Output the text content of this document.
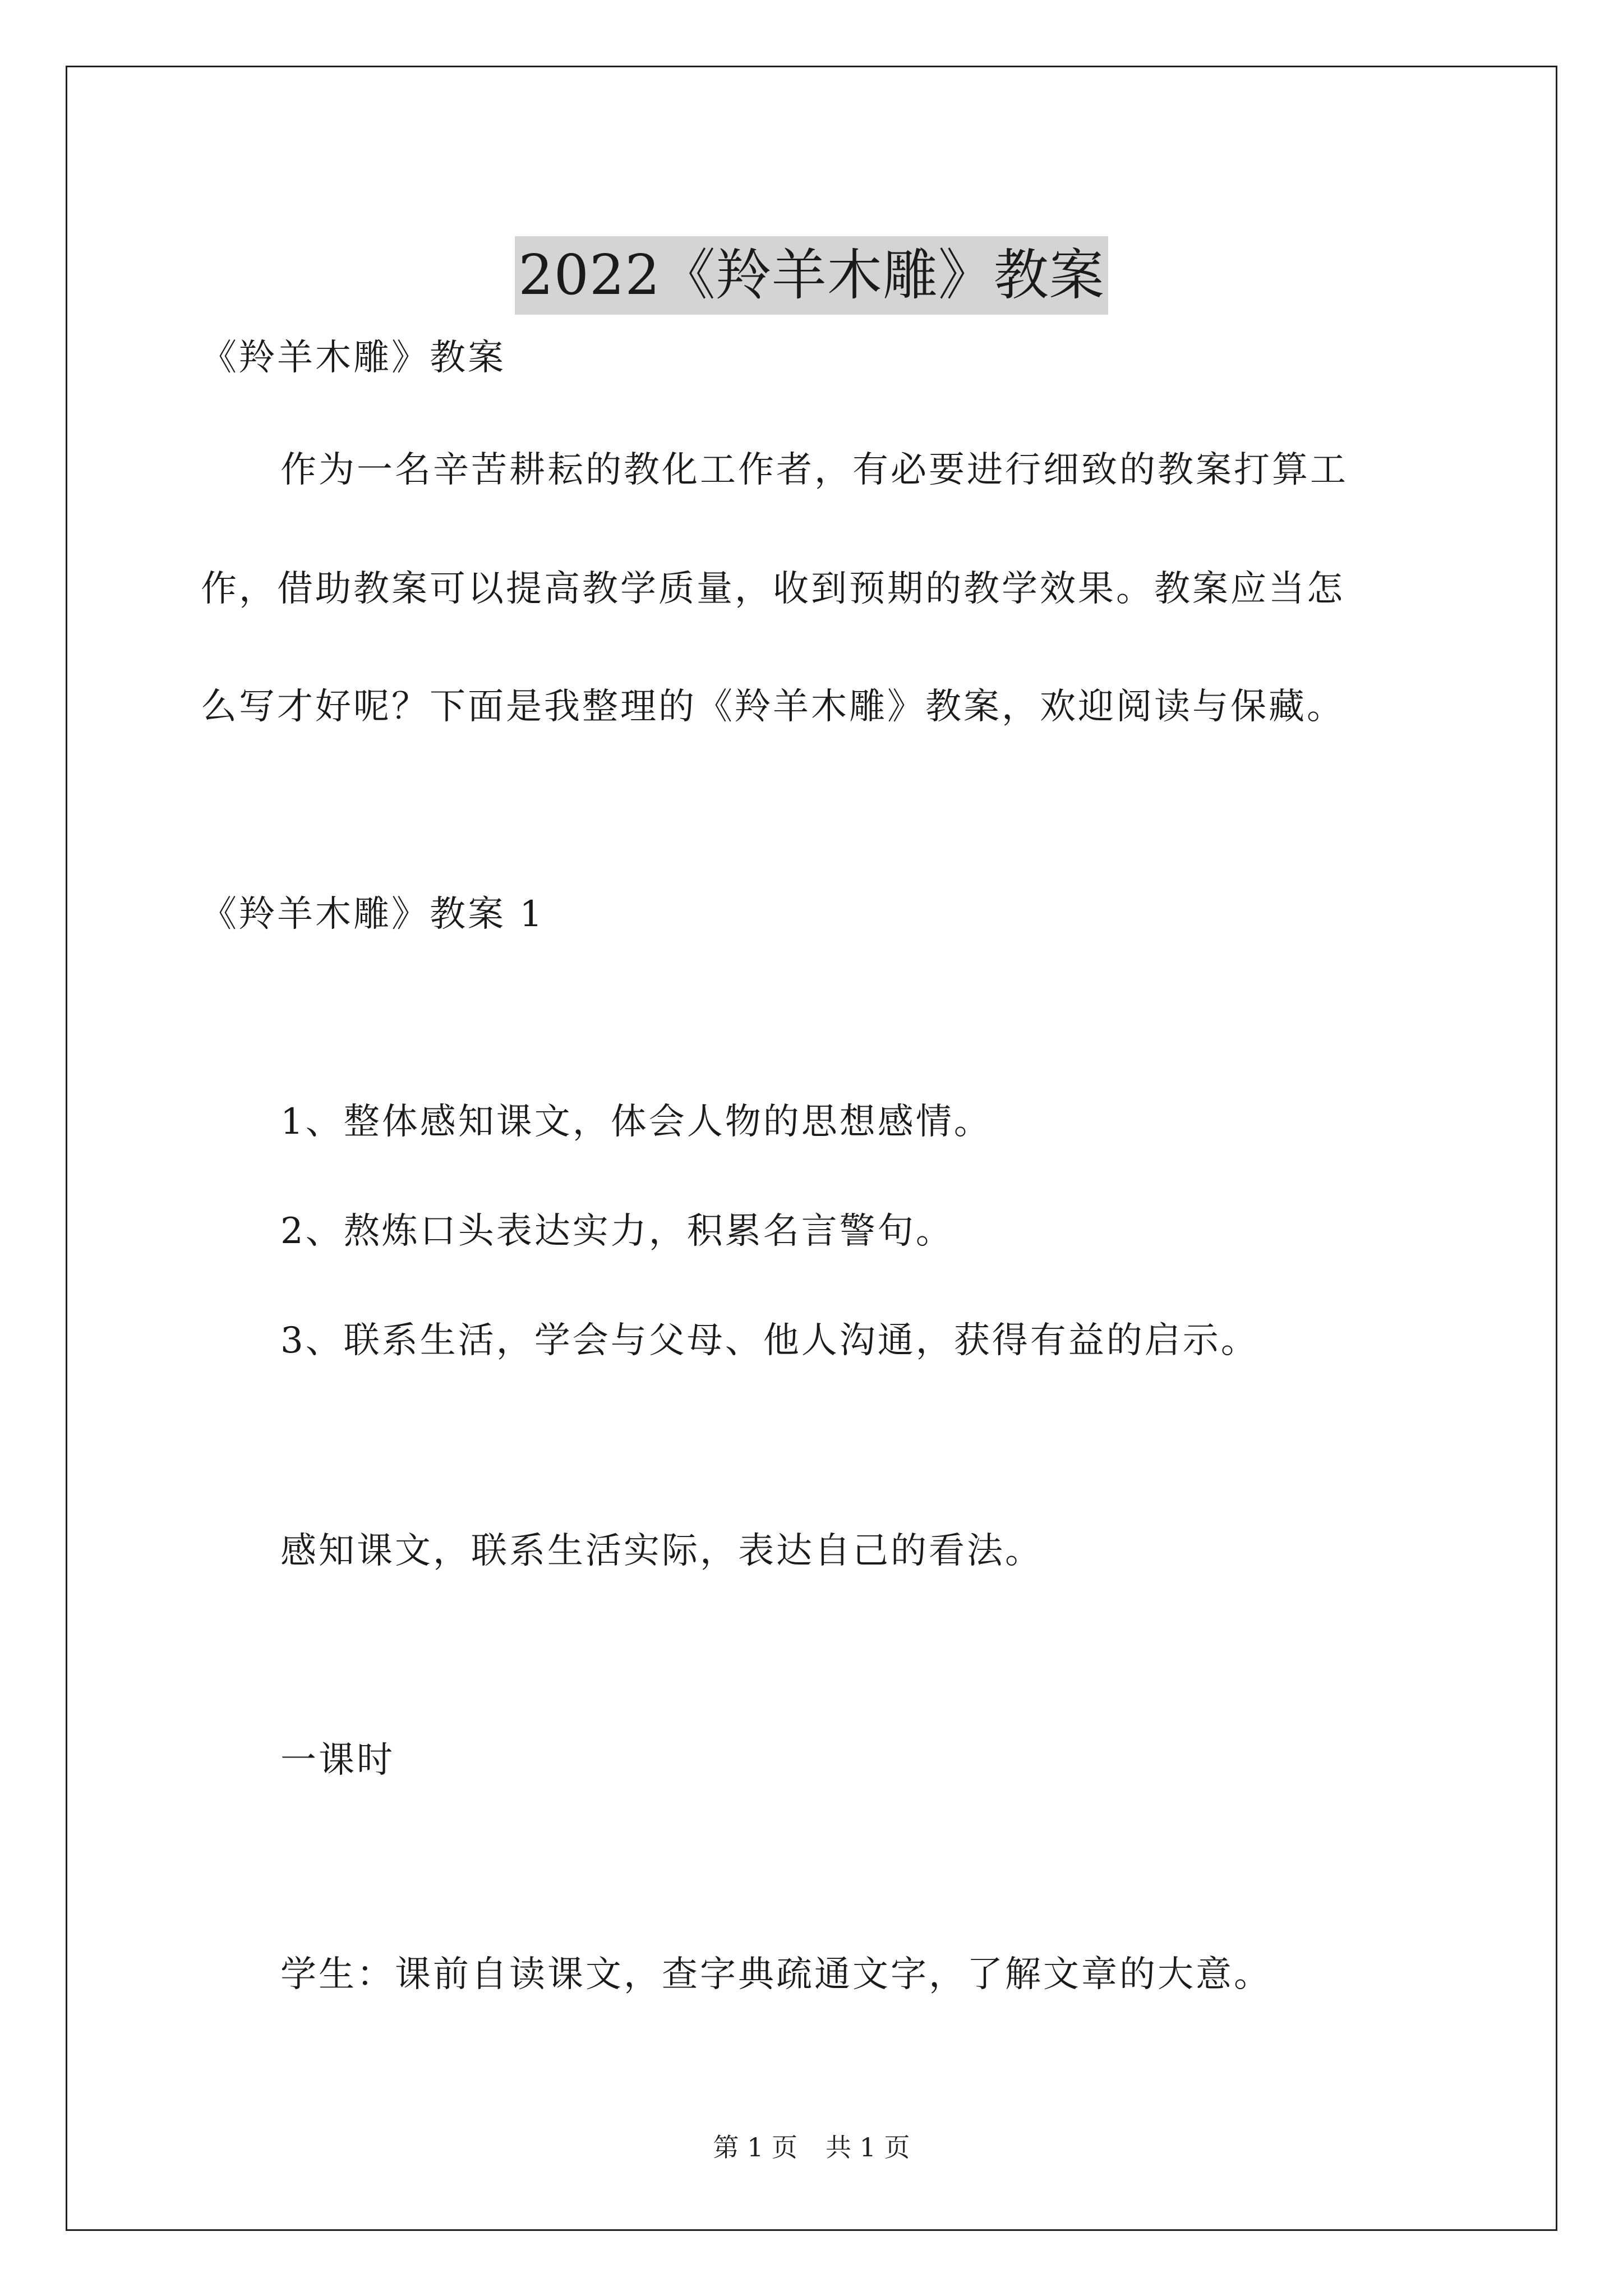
2022《羚羊木雕》教案
《羚羊木雕》教案
作为一名辛苦耕耘的教化工作者，有必要进行细致的教案打算工
作，借助教案可以提高教学质量，收到预期的教学效果。教案应当怎
么写才好呢？下面是我整理的《羚羊木雕》教案，欢迎阅读与保藏。
《羚羊木雕》教案 1
1、整体感知课文，体会人物的思想感情。
2、熬炼口头表达实力，积累名言警句。
3、联系生活，学会与父母、他人沟通，获得有益的启示。
感知课文，联系生活实际，表达自己的看法。
一课时
学生：课前自读课文，查字典疏通文字，了解文章的大意。
第 1 页 共 1 页
